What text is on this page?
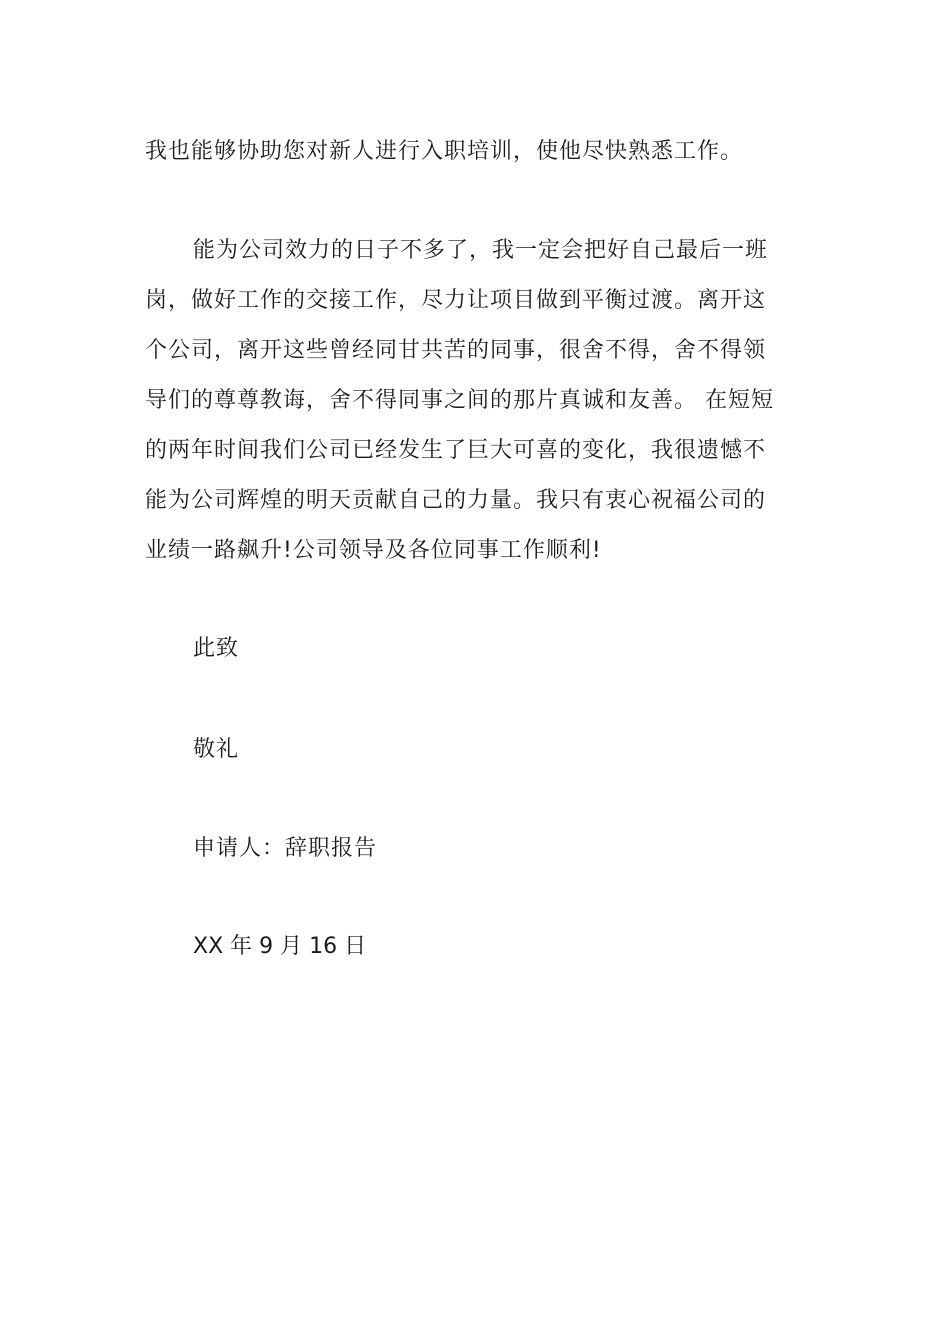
我也能够协助您对新人进行入职培训，使他尽快熟悉工作。
能为公司效力的日子不多了，我一定会把好自己最后一班
岗，做好工作的交接工作，尽力让项目做到平衡过渡。离开这
个公司，离开这些曾经同甘共苦的同事，很舍不得，舍不得领
导们的尊尊教诲，舍不得同事之间的那片真诚和友善。 在短短
的两年时间我们公司已经发生了巨大可喜的变化，我很遗憾不
能为公司辉煌的明天贡献自己的力量。我只有衷心祝福公司的
业绩一路飙升!公司领导及各位同事工作顺利!
此致
敬礼
申请人：辞职报告
XX 年 9 月 16 日
